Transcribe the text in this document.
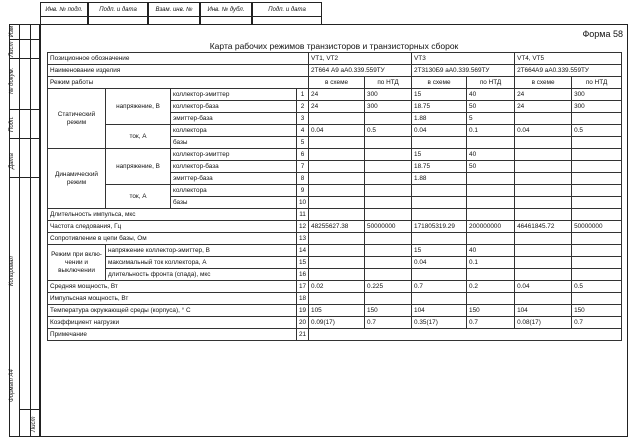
Инв. № подл.	Подп. и дата	Взам. инв. №	Инв. № дубл.	Подп. и дата
Изм
Лист
№ докум.
Подп.
Дата
Копировал
Формат A4
Лист
Форма 58
Карта рабочих режимов транзисторов и транзисторных сборок
Позиционное обозначение				VT1, VT2		VT3		VT4, VT5	
Наименование изделия				2Т664 А9 аА0.339.559ТУ		2Т3130Б9 аА0.339.569ТУ		2Т664А9 аА0.339.559ТУ	
Режим работы				в схеме	по НТД	в схеме	по НТД	в схеме	по НТД
Статический режим	напряжение, В	коллектор-эмиттер	1	24	300	15	40	24	300
		коллектор-база	2	24	300	18.75	50	24	300
		эмиттер-база	3			1.88	5		
	ток, А	коллектора	4	0.04	0.5	0.04	0.1	0.04	0.5
		базы	5						
Динамический режим	напряжение, В	коллектор-эмиттер	6			15	40		
		коллектор-база	7			18.75	50		
		эмиттер-база	8			1.88			
	ток, А	коллектора	9						
		базы	10						
Длительность импульса, мкс			11						
Частота следования, Гц			12	48255627.38	50000000	171805319.29	200000000	46461845.72	50000000
Сопротивление в цепи базы, Ом			13						
Режим при вклю- чении и выключении	напряжение коллектор-эмиттер, В		14			15	40		
	максимальный ток коллектора, А		15			0.04	0.1		
	длительность фронта (спада), мкс		16						
Средняя мощность, Вт			17	0.02	0.225	0.7	0.2	0.04	0.5
Импульсная мощность, Вт			18						
Температура окружающей среды (корпуса), ° С			19	105	150	104	150	104	150
Коэффициент нагрузки			20	0.09(17)	0.7	0.35(17)	0.7	0.08(17)	0.7
Примечание			21						
